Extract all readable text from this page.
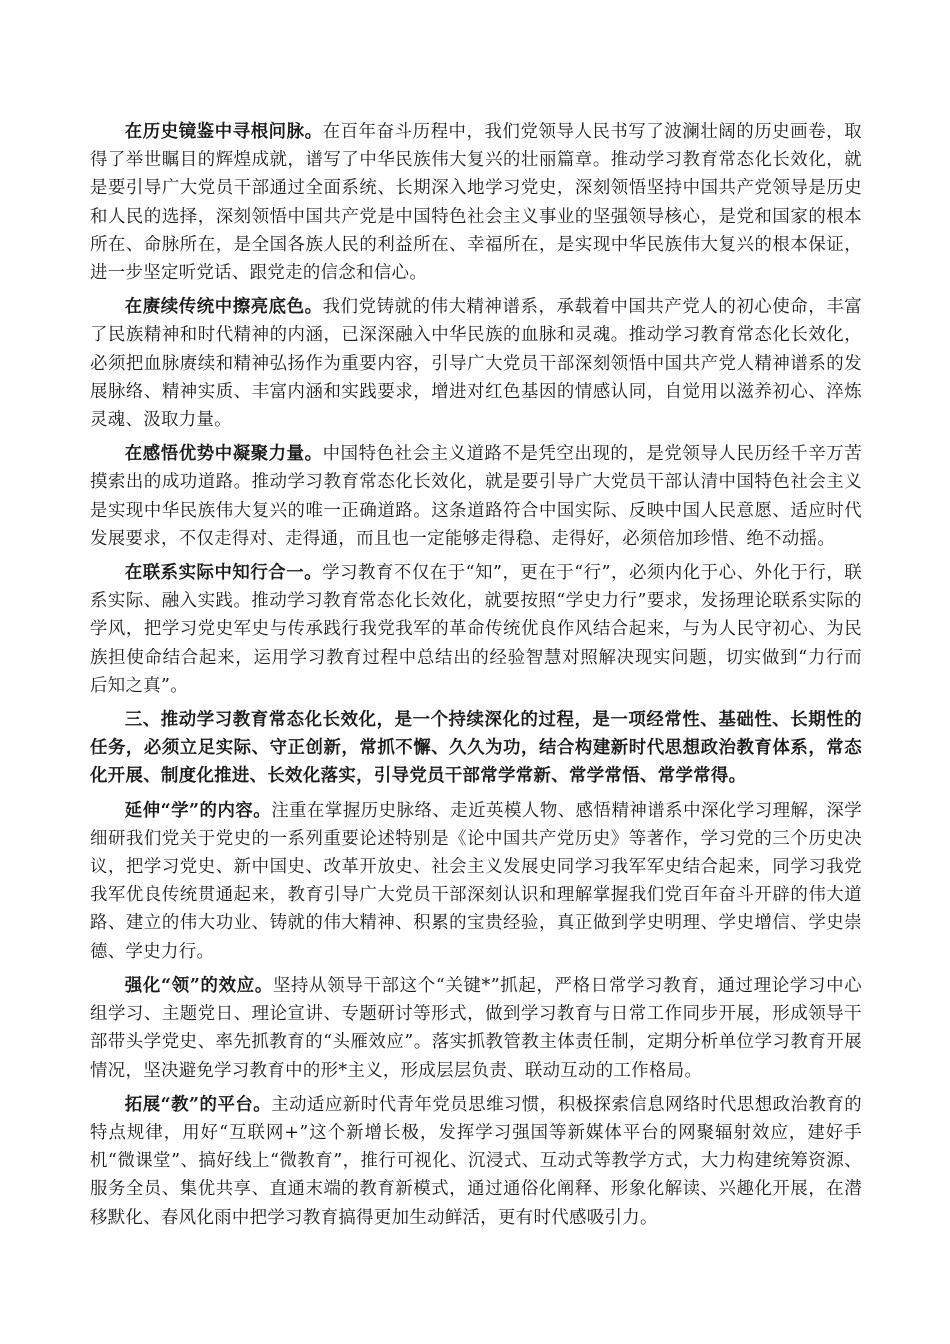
在历史镜鉴中寻根问脉。在百年奋斗历程中，我们党领导人民书写了波澜壮阔的历史画卷，取得了举世瞩目的辉煌成就，谱写了中华民族伟大复兴的壮丽篇章。推动学习教育常态化长效化，就是要引导广大党员干部通过全面系统、长期深入地学习党史，深刻领悟坚持中国共产党领导是历史和人民的选择，深刻领悟中国共产党是中国特色社会主义事业的坚强领导核心，是党和国家的根本所在、命脉所在，是全国各族人民的利益所在、幸福所在，是实现中华民族伟大复兴的根本保证，进一步坚定听党话、跟党走的信念和信心。

在赓续传统中擦亮底色。我们党铸就的伟大精神谱系，承载着中国共产党人的初心使命，丰富了民族精神和时代精神的内涵，已深深融入中华民族的血脉和灵魂。推动学习教育常态化长效化，必须把血脉赓续和精神弘扬作为重要内容，引导广大党员干部深刻领悟中国共产党人精神谱系的发展脉络、精神实质、丰富内涵和实践要求，增进对红色基因的情感认同，自觉用以滋养初心、淬炼灵魂、汲取力量。

在感悟优势中凝聚力量。中国特色社会主义道路不是凭空出现的，是党领导人民历经千辛万苦摸索出的成功道路。推动学习教育常态化长效化，就是要引导广大党员干部认清中国特色社会主义是实现中华民族伟大复兴的唯一正确道路。这条道路符合中国实际、反映中国人民意愿、适应时代发展要求，不仅走得对、走得通，而且也一定能够走得稳、走得好，必须倍加珍惜、绝不动摇。

在联系实际中知行合一。学习教育不仅在于“知”，更在于“行”，必须内化于心、外化于行，联系实际、融入实践。推动学习教育常态化长效化，就要按照“学史力行”要求，发扬理论联系实际的学风，把学习党史军史与传承践行我党我军的革命传统优良作风结合起来，与为人民守初心、为民族担使命结合起来，运用学习教育过程中总结出的经验智慧对照解决现实问题，切实做到“力行而后知之真”。

三、推动学习教育常态化长效化，是一个持续深化的过程，是一项经常性、基础性、长期性的任务，必须立足实际、守正创新，常抓不懈、久久为功，结合构建新时代思想政治教育体系，常态化开展、制度化推进、长效化落实，引导党员干部常学常新、常学常悟、常学常得。

延伸“学”的内容。注重在掌握历史脉络、走近英模人物、感悟精神谱系中深化学习理解，深学细研我们党关于党史的一系列重要论述特别是《论中国共产党历史》等著作，学习党的三个历史决议，把学习党史、新中国史、改革开放史、社会主义发展史同学习我军军史结合起来，同学习我党我军优良传统贯通起来，教育引导广大党员干部深刻认识和理解掌握我们党百年奋斗开辟的伟大道路、建立的伟大功业、铸就的伟大精神、积累的宝贵经验，真正做到学史明理、学史增信、学史崇德、学史力行。

强化“领”的效应。坚持从领导干部这个“关键*”抓起，严格日常学习教育，通过理论学习中心组学习、主题党日、理论宣讲、专题研讨等形式，做到学习教育与日常工作同步开展，形成领导干部带头学党史、率先抓教育的“头雁效应”。落实抓教管教主体责任制，定期分析单位学习教育开展情况，坚决避免学习教育中的形*主义，形成层层负责、联动互动的工作格局。

拓展“教”的平台。主动适应新时代青年党员思维习惯，积极探索信息网络时代思想政治教育的特点规律，用好“互联网+”这个新增长极，发挥学习强国等新媒体平台的网聚辐射效应，建好手机“微课堂”、搞好线上“微教育”，推行可视化、沉浸式、互动式等教学方式，大力构建统筹资源、服务全员、集优共享、直通末端的教育新模式，通过通俗化阐释、形象化解读、兴趣化开展，在潜移默化、春风化雨中把学习教育搞得更加生动鲜活，更有时代感吸引力。
